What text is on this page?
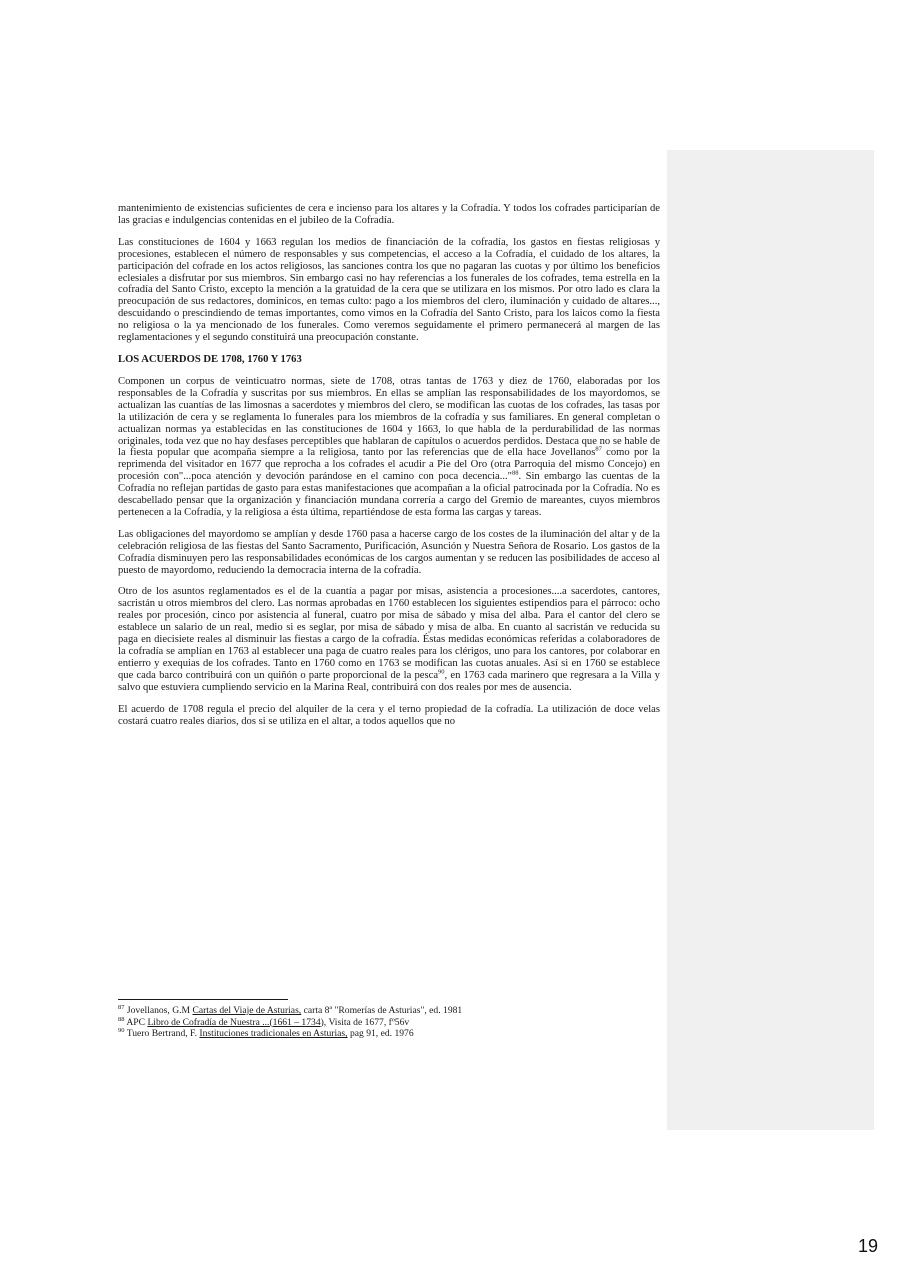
mantenimiento de existencias suficientes de cera e incienso para los altares y la Cofradía. Y todos los cofrades participarían de las gracias e indulgencias contenidas en el jubileo de la Cofradía.

Las constituciones de 1604 y 1663 regulan los medios de financiación de la cofradía, los gastos en fiestas religiosas y procesiones, establecen el número de responsables y sus competencias, el acceso a la Cofradía, el cuidado de los altares, la participación del cofrade en los actos religiosos, las sanciones contra los que no pagaran las cuotas y por último los beneficios eclesiales a disfrutar por sus miembros. Sin embargo casi no hay referencias a los funerales de los cofrades, tema estrella en la cofradía del Santo Cristo, excepto la mención a la gratuidad de la cera que se utilizara en los mismos. Por otro lado es clara la preocupación de sus redactores, dominicos, en temas culto: pago a los miembros del clero, iluminación y cuidado de altares..., descuidando o prescindiendo de temas importantes, como vimos en la Cofradía del Santo Cristo, para los laicos como la fiesta no religiosa o la ya mencionado de los funerales. Como veremos seguidamente el primero permanecerá al margen de las reglamentaciones y el segundo constituirá una preocupación constante.

LOS ACUERDOS DE 1708, 1760 Y 1763

Componen un corpus de veinticuatro normas, siete de 1708, otras tantas de 1763 y diez de 1760, elaboradas por los responsables de la Cofradía y suscritas por sus miembros. En ellas se amplían las responsabilidades de los mayordomos, se actualizan las cuantías de las limosnas a sacerdotes y miembros del clero, se modifican las cuotas de los cofrades, las tasas por la utilización de cera y se reglamenta lo funerales para los miembros de la cofradía y sus familiares. En general completan o actualizan normas ya establecidas en las constituciones de 1604 y 1663, lo que habla de la perdurabilidad de las normas originales, toda vez que no hay desfases perceptibles que hablaran de capítulos o acuerdos perdidos. Destaca que no se hable de la fiesta popular que acompaña siempre a la religiosa, tanto por las referencias que de ella hace Jovellanos$^{87}$ como por la reprimenda del visitador en 1677 que reprocha a los cofrades el acudir a Pie del Oro (otra Parroquia del mismo Concejo) en procesión con"...poca atención y devoción parándose en el camino con poca decencia..."$^{88}$. Sin embargo las cuentas de la Cofradía no reflejan partidas de gasto para estas manifestaciones que acompañan a la oficial patrocinada por la Cofradía. No es descabellado pensar que la organización y financiación mundana correría a cargo del Gremio de mareantes, cuyos miembros pertenecen a la Cofradía, y la religiosa a ésta última, repartiéndose de esta forma las cargas y tareas.

Las obligaciones del mayordomo se amplían y desde 1760 pasa a hacerse cargo de los costes de la iluminación del altar y de la celebración religiosa de las fiestas del Santo Sacramento, Purificación, Asunción y Nuestra Señora de Rosario. Los gastos de la Cofradía disminuyen pero las responsabilidades económicas de los cargos aumentan y se reducen las posibilidades de acceso al puesto de mayordomo, reduciendo la democracia interna de la cofradía.

Otro de los asuntos reglamentados es el de la cuantía a pagar por misas, asistencia a procesiones....a sacerdotes, cantores, sacristán u otros miembros del clero. Las normas aprobadas en 1760 establecen los siguientes estipendios para el párroco: ocho reales por procesión, cinco por asistencia al funeral, cuatro por misa de sábado y misa del alba. Para el cantor del clero se establece un salario de un real, medio si es seglar, por misa de sábado y misa de alba. En cuanto al sacristán ve reducida su paga en diecisiete reales al disminuir las fiestas a cargo de la cofradía. Éstas medidas económicas referidas a colaboradores de la cofradía se amplían en 1763 al establecer una paga de cuatro reales para los clérigos, uno para los cantores, por colaborar en entierro y exequias de los cofrades. Tanto en 1760 como en 1763 se modifican las cuotas anuales. Así si en 1760 se establece que cada barco contribuirá con un quiñón o parte proporcional de la pesca$^{90}$, en 1763 cada marinero que regresara a la Villa y salvo que estuviera cumpliendo servicio en la Marina Real, contribuirá con dos reales por mes de ausencia.

El acuerdo de 1708 regula el precio del alquiler de la cera y el terno propiedad de la cofradía. La utilización de doce velas costará cuatro reales diarios, dos si se utiliza en el altar, a todos aquellos que no

$^{87}$ Jovellanos, G.M Cartas del Viaje de Asturias, carta 8ª "Romerías de Asturias", ed. 1981

$^{88}$ APC Libro de Cofradía de Nuestra ...(1661 – 1734), Visita de 1677, fº56v

$^{90}$ Tuero Bertrand, F. Instituciones tradicionales en Asturias, pag 91, ed. 1976

19
